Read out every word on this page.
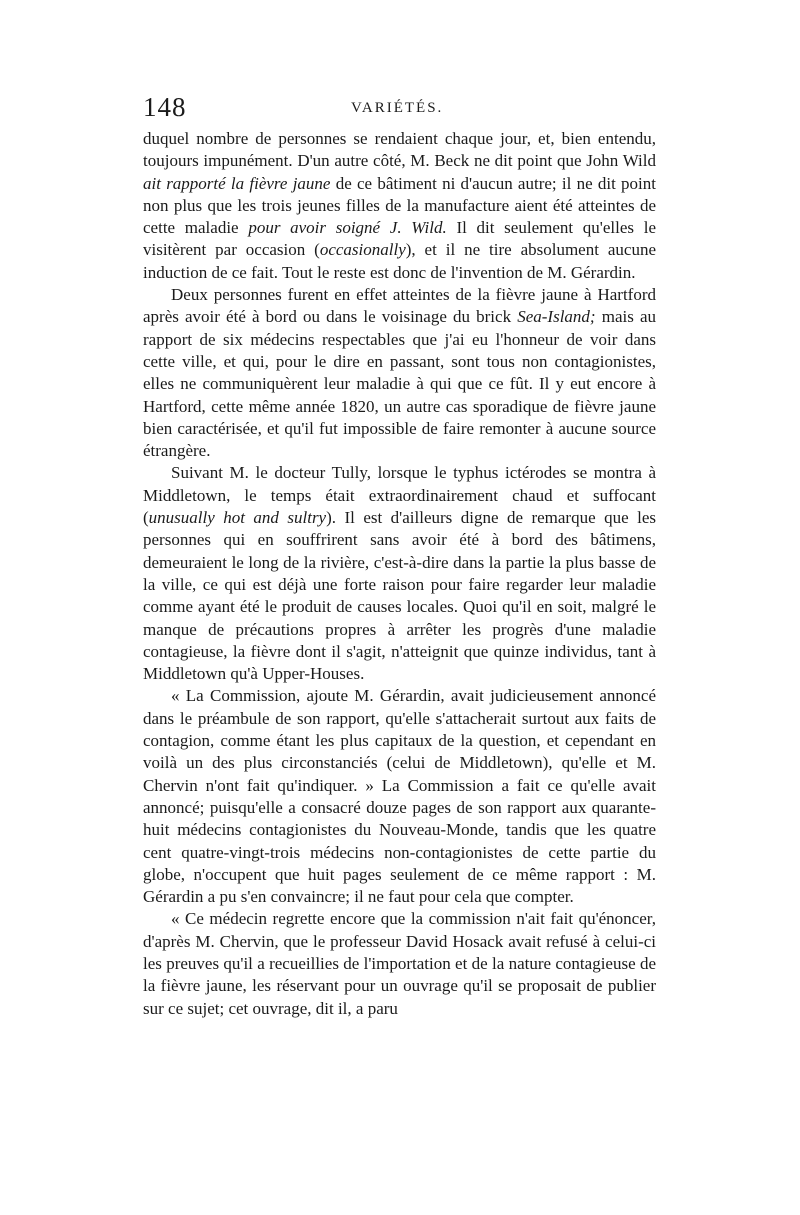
148	VARIÉTÉS.

duquel nombre de personnes se rendaient chaque jour, et, bien entendu, toujours impunément. D'un autre côté, M. Beck ne dit point que John Wild ait rapporté la fièvre jaune de ce bâtiment ni d'aucun autre; il ne dit point non plus que les trois jeunes filles de la manufacture aient été atteintes de cette maladie pour avoir soigné J. Wild. Il dit seulement qu'elles le visitèrent par occasion (occasionally), et il ne tire absolument aucune induction de ce fait. Tout le reste est donc de l'invention de M. Gérardin.

Deux personnes furent en effet atteintes de la fièvre jaune à Hartford après avoir été à bord ou dans le voisinage du brick Sea-Island; mais au rapport de six médecins respectables que j'ai eu l'honneur de voir dans cette ville, et qui, pour le dire en passant, sont tous non contagionistes, elles ne communiquèrent leur maladie à qui que ce fût. Il y eut encore à Hartford, cette même année 1820, un autre cas sporadique de fièvre jaune bien caractérisée, et qu'il fut impossible de faire remonter à aucune source étrangère.

Suivant M. le docteur Tully, lorsque le typhus ictérodes se montra à Middletown, le temps était extraordinairement chaud et suffocant (unusually hot and sultry). Il est d'ailleurs digne de remarque que les personnes qui en souffrirent sans avoir été à bord des bâtimens, demeuraient le long de la rivière, c'est-à-dire dans la partie la plus basse de la ville, ce qui est déjà une forte raison pour faire regarder leur maladie comme ayant été le produit de causes locales. Quoi qu'il en soit, malgré le manque de précautions propres à arrêter les progrès d'une maladie contagieuse, la fièvre dont il s'agit, n'atteignit que quinze individus, tant à Middletown qu'à Upper-Houses.

« La Commission, ajoute M. Gérardin, avait judicieusement annoncé dans le préambule de son rapport, qu'elle s'attacherait surtout aux faits de contagion, comme étant les plus capitaux de la question, et cependant en voilà un des plus circonstanciés (celui de Middletown), qu'elle et M. Chervin n'ont fait qu'indiquer. » La Commission a fait ce qu'elle avait annoncé; puisqu'elle a consacré douze pages de son rapport aux quarante-huit médecins contagionistes du Nouveau-Monde, tandis que les quatre cent quatre-vingt-trois médecins non-contagionistes de cette partie du globe, n'occupent que huit pages seulement de ce même rapport : M. Gérardin a pu s'en convaincre; il ne faut pour cela que compter.

« Ce médecin regrette encore que la commission n'ait fait qu'énoncer, d'après M. Chervin, que le professeur David Hosack avait refusé à celui-ci les preuves qu'il a recueillies de l'importation et de la nature contagieuse de la fièvre jaune, les réservant pour un ouvrage qu'il se proposait de publier sur ce sujet; cet ouvrage, dit il, a paru
